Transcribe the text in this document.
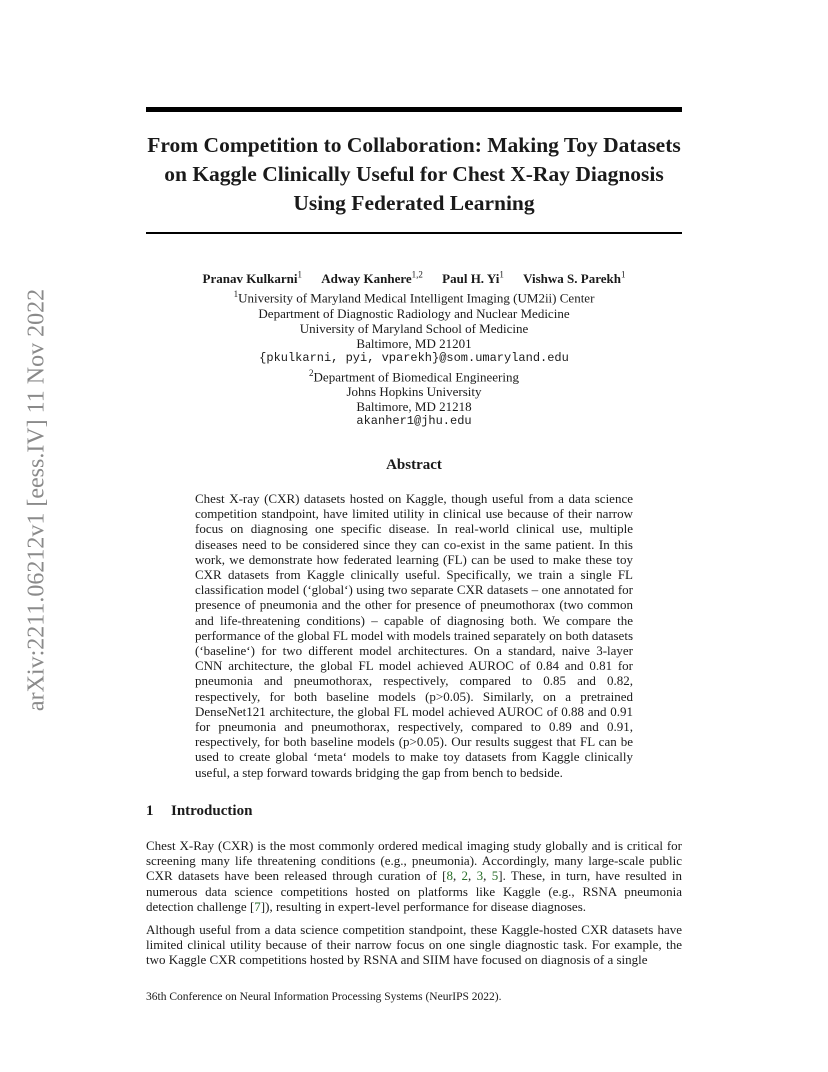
arXiv:2211.06212v1 [eess.IV] 11 Nov 2022
From Competition to Collaboration: Making Toy Datasets on Kaggle Clinically Useful for Chest X-Ray Diagnosis Using Federated Learning
Pranav Kulkarni$^1$ Adway Kanhere$^{1,2}$ Paul H. Yi$^1$ Vishwa S. Parekh$^1$
$^1$University of Maryland Medical Intelligent Imaging (UM2ii) Center
Department of Diagnostic Radiology and Nuclear Medicine
University of Maryland School of Medicine
Baltimore, MD 21201
{pkulkarni, pyi, vparekh}@som.umaryland.edu
$^2$Department of Biomedical Engineering
Johns Hopkins University
Baltimore, MD 21218
akanher1@jhu.edu
Abstract

Chest X-ray (CXR) datasets hosted on Kaggle, though useful from a data science competition standpoint, have limited utility in clinical use because of their narrow focus on diagnosing one specific disease. In real-world clinical use, multiple diseases need to be considered since they can co-exist in the same patient. In this work, we demonstrate how federated learning (FL) can be used to make these toy CXR datasets from Kaggle clinically useful. Specifically, we train a single FL classification model (‘global‘) using two separate CXR datasets – one annotated for presence of pneumonia and the other for presence of pneumothorax (two common and life-threatening conditions) – capable of diagnosing both. We compare the performance of the global FL model with models trained separately on both datasets (‘baseline‘) for two different model architectures. On a standard, naive 3-layer CNN architecture, the global FL model achieved AUROC of 0.84 and 0.81 for pneumonia and pneumothorax, respectively, compared to 0.85 and 0.82, respectively, for both baseline models (p>0.05). Similarly, on a pretrained DenseNet121 architecture, the global FL model achieved AUROC of 0.88 and 0.91 for pneumonia and pneumothorax, respectively, compared to 0.89 and 0.91, respectively, for both baseline models (p>0.05). Our results suggest that FL can be used to create global ‘meta‘ models to make toy datasets from Kaggle clinically useful, a step forward towards bridging the gap from bench to bedside.

1 Introduction

Chest X-Ray (CXR) is the most commonly ordered medical imaging study globally and is critical for screening many life threatening conditions (e.g., pneumonia). Accordingly, many large-scale public CXR datasets have been released through curation of [8, 2, 3, 5]. These, in turn, have resulted in numerous data science competitions hosted on platforms like Kaggle (e.g., RSNA pneumonia detection challenge [7]), resulting in expert-level performance for disease diagnoses.

Although useful from a data science competition standpoint, these Kaggle-hosted CXR datasets have limited clinical utility because of their narrow focus on one single diagnostic task. For example, the two Kaggle CXR competitions hosted by RSNA and SIIM have focused on diagnosis of a single

36th Conference on Neural Information Processing Systems (NeurIPS 2022).
